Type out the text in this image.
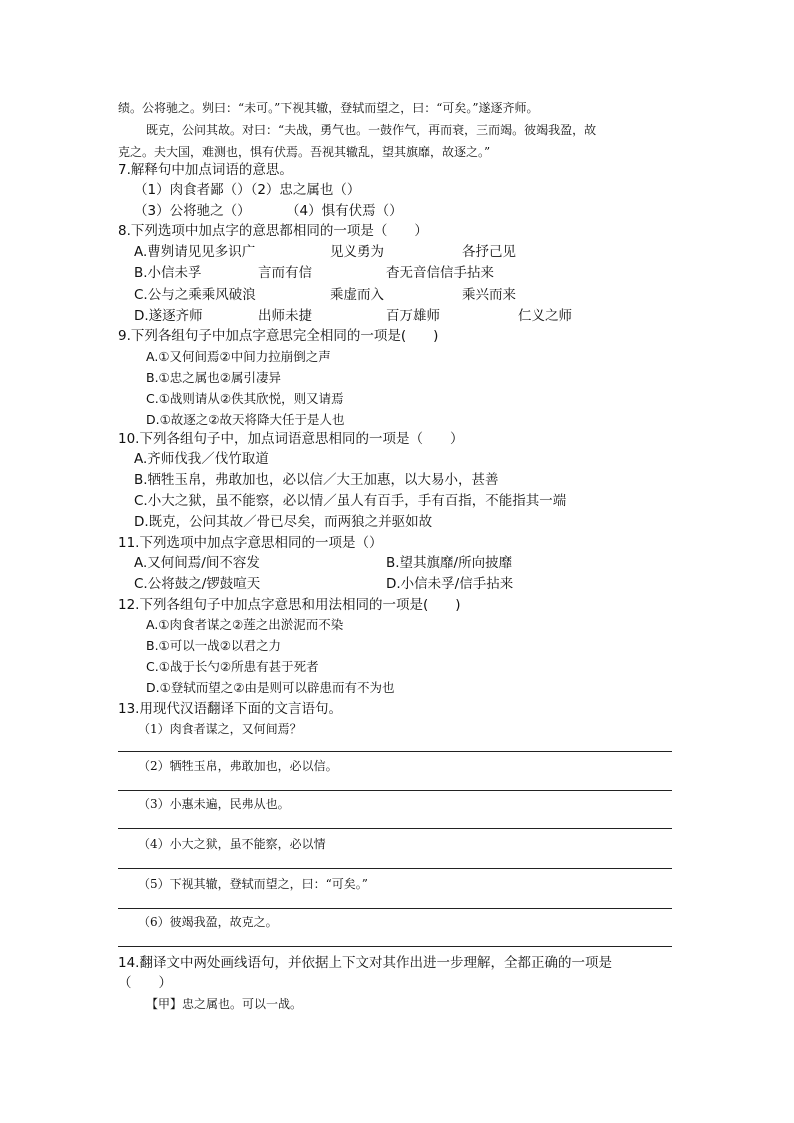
绩。公将驰之。刿曰：“未可。”下视其辙，登轼而望之，曰：“可矣。”遂逐齐师。
既克，公问其故。对曰：“夫战，勇气也。一鼓作气，再而衰，三而竭。彼竭我盈，故
克之。夫大国，难测也，惧有伏焉。吾视其辙乱，望其旗靡，故逐之。”
7.解释句中加点词语的意思。
（1）肉食者鄙（）（2）忠之属也（）
（3）公将驰之（）	（4）惧有伏焉（）
8.下列选项中加点字的意思都相同的一项是（　　）
A.曹刿请见见多识广	见义勇为	各抒己见
B.小信未孚	言而有信	杳无音信信手拈来
C.公与之乘乘风破浪	乘虚而入	乘兴而来
D.遂逐齐师	出师未捷	百万雄师	仁义之师
9.下列各组句子中加点字意思完全相同的一项是(　　)
A.①又何间焉②中间力拉崩倒之声
B.①忠之属也②属引凄异
C.①战则请从②佚其欣悦，则又请焉
D.①故逐之②故天将降大任于是人也
10.下列各组句子中，加点词语意思相同的一项是（　　）
A.齐师伐我／伐竹取道
B.牺牲玉帛，弗敢加也，必以信／大王加惠，以大易小，甚善
C.小大之狱，虽不能察，必以情／虽人有百手，手有百指，不能指其一端
D.既克，公问其故／骨已尽矣，而两狼之并驱如故
11.下列选项中加点字意思相同的一项是（）
A.又何间焉/间不容发	B.望其旗靡/所向披靡
C.公将鼓之/锣鼓喧天	D.小信未孚/信手拈来
12.下列各组句子中加点字意思和用法相同的一项是(　　)
A.①肉食者谋之②莲之出淤泥而不染
B.①可以一战②以君之力
C.①战于长勺②所患有甚于死者
D.①登轼而望之②由是则可以辟患而有不为也
13.用现代汉语翻译下面的文言语句。
（1）肉食者谋之，又何间焉？
（2）牺牲玉帛，弗敢加也，必以信。
（3）小惠未遍，民弗从也。
（4）小大之狱，虽不能察，必以情
（5）下视其辙，登轼而望之，曰：“可矣。”
（6）彼竭我盈，故克之。
14.翻译文中两处画线语句，并依据上下文对其作出进一步理解，全都正确的一项是
（　　）
【甲】忠之属也。可以一战。
